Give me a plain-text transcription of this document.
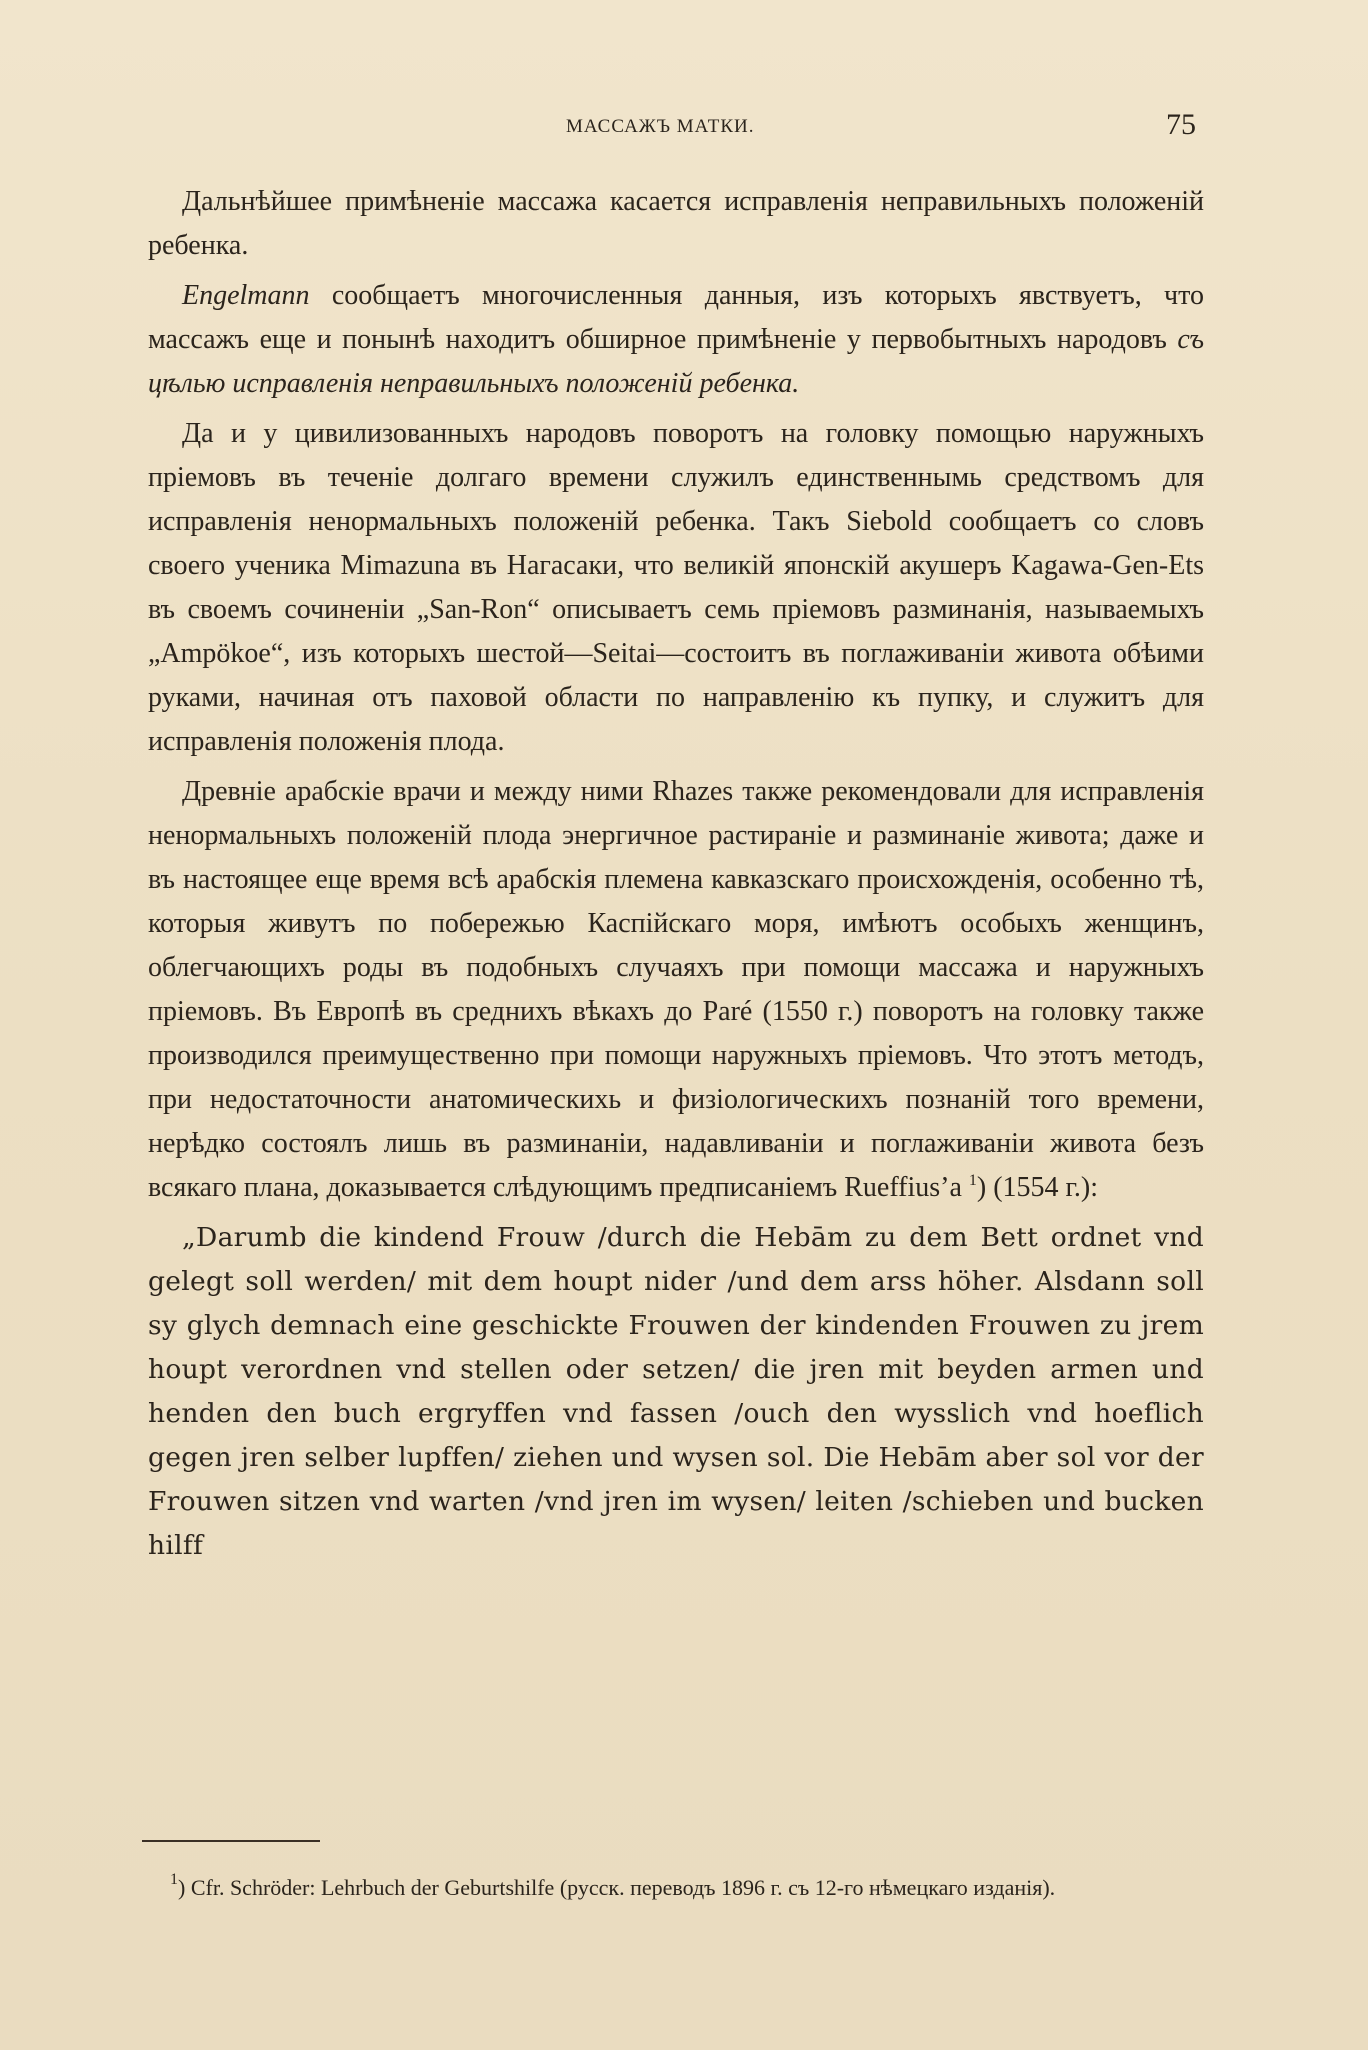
МАССАЖЪ МАТКИ.	75

Дальнѣйшее примѣненіе массажа касается исправленія неправильныхъ положеній ребенка.

Engelmann сообщаетъ многочисленныя данныя, изъ которыхъ явствуетъ, что массажъ еще и понынѣ находитъ обширное примѣненіе у первобытныхъ народовъ съ цѣлью исправленія неправильныхъ положеній ребенка.

Да и у цивилизованныхъ народовъ поворотъ на головку помощью наружныхъ пріемовъ въ теченіе долгаго времени служилъ единственнымь средствомъ для исправленія ненормальныхъ положеній ребенка. Такъ Siebold сообщаетъ со словъ своего ученика Mimazuna въ Нагасаки, что великій японскій акушеръ Kagawa-Gen-Ets въ своемъ сочиненіи „San-Ron“ описываетъ семь пріемовъ разминанія, называемыхъ „Ampökoe“, изъ которыхъ шестой—Seitai—состоитъ въ поглаживаніи живота обѣими руками, начиная отъ паховой области по направленію къ пупку, и служитъ для исправленія положенія плода.

Древніе арабскіе врачи и между ними Rhazes также рекомендовали для исправленія ненормальныхъ положеній плода энергичное растираніе и разминаніе живота; даже и въ настоящее еще время всѣ арабскія племена кавказскаго происхожденія, особенно тѣ, которыя живутъ по побережью Каспійскаго моря, имѣютъ особыхъ женщинъ, облегчающихъ роды въ подобныхъ случаяхъ при помощи массажа и наружныхъ пріемовъ. Въ Европѣ въ среднихъ вѣкахъ до Paré (1550 г.) поворотъ на головку также производился преимущественно при помощи наружныхъ пріемовъ. Что этотъ методъ, при недостаточности анатомическихь и физіологическихъ познаній того времени, нерѣдко состоялъ лишь въ разминаніи, надавливаніи и поглаживаніи живота безъ всякаго плана, доказывается слѣдующимъ предписаніемъ Rueffius’а $^1$) (1554 г.):

„Darumb die kindend Frouw /durch die Hebām zu dem Bett ordnet vnd gelegt soll werden/ mit dem houpt nider /und dem arss höher. Alsdann soll sy glych demnach eine geschickte Frouwen der kindenden Frouwen zu jrem houpt verordnen vnd stellen oder setzen/ die jren mit beyden armen und henden den buch ergryffen vnd fassen /ouch den wysslich vnd hoeflich gegen jren selber lupffen/ ziehen und wysen sol. Die Hebām aber sol vor der Frouwen sitzen vnd warten /vnd jren im wysen/ leiten /schieben und bucken hilff

$^1$) Cfr. Schröder: Lehrbuch der Geburtshilfe (русск. переводъ 1896 г. съ 12-го нѣмецкаго изданія).
